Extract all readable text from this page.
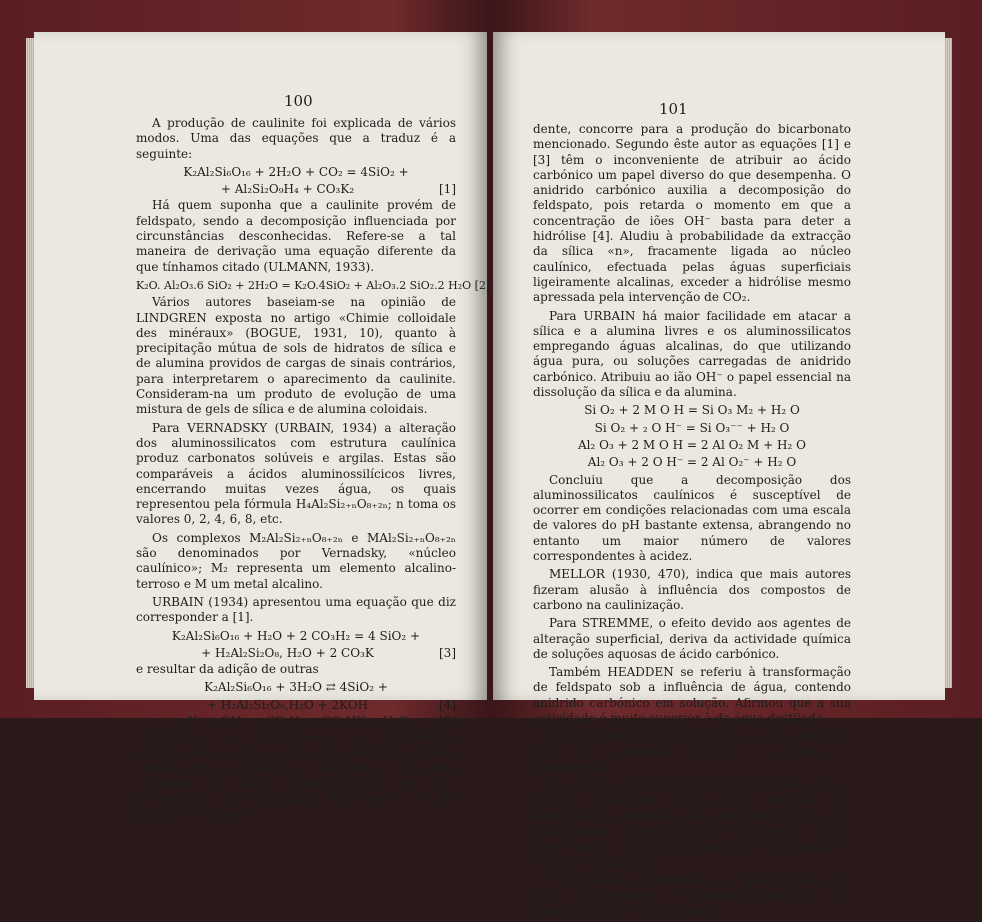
100

A produção de caulinite foi explicada de vários modos. Uma das equações que a traduz é a seguinte:

K₂Al₂Si₆O₁₆ + 2H₂O + CO₂ = 4SiO₂ +
+ Al₂Si₂O₉H₄ + CO₃K₂	[1]

Há quem suponha que a caulinite provém de feldspato, sendo a decomposição influenciada por circunstâncias desconhecidas. Refere-se a tal maneira de derivação uma equação diferente da que tínhamos citado (ULMANN, 1933).

K₂O. Al₂O₃.6 SiO₂ + 2H₂O = K₂O.4SiO₂ + Al₂O₃.2 SiO₂.2 H₂O [2]

Vários autores baseiam-se na opinião de LINDGREN exposta no artigo «Chimie colloidale des minéraux» (BOGUE, 1931, 10), quanto à precipitação mútua de sols de hidratos de sílica e de alumina providos de cargas de sinais contrários, para interpretarem o aparecimento da caulinite. Consideram-na um produto de evolução de uma mistura de gels de sílica e de alumina coloidais.

Para VERNADSKY (URBAIN, 1934) a alteração dos aluminossilicatos com estrutura caulínica produz carbonatos solúveis e argilas. Estas são comparáveis a ácidos aluminossilícicos livres, encerrando muitas vezes água, os quais representou pela fórmula H₄Al₂Si₂₊ₙO₈₊₂ₙ; n toma os valores 0, 2, 4, 6, 8, etc.

Os complexos M₂Al₂Si₂₊ₙO₈₊₂ₙ e MAl₂Si₂₊ₙO₈₊₂ₙ são denominados por Vernadsky, «núcleo caulínico»; M₂ representa um elemento alcalino-terroso e M um metal alcalino.

URBAIN (1934) apresentou uma equação que diz corresponder a [1].

K₂Al₂Si₆O₁₆ + H₂O + 2 CO₃H₂ = 4 SiO₂ +
+ H₂Al₂Si₂O₈, H₂O + 2 CO₃K	[3]

e resultar da adição de outras

K₂Al₂Si₆O₁₆ + 3H₂O ⇄ 4SiO₂ +
+ H₂Al₂Si₂O₈,H₂O + 2KOH	[4]
e	K⁺ + OH⁻ + CO₃H₂ ⇄ CO₃HK + H₂O	[5]

Explicou o aparecimento do bicarbonato mencionado em [5]. A H₂O citada em [4] é água da chuva ácida, saturada de anidrido e de ácido carbónico; os catiões neutralizam os iões OH⁻ provenientes da dissociação das bases e o ião positivo correspon-

101

dente, concorre para a produção do bicarbonato mencionado. Segundo êste autor as equações [1] e [3] têm o inconveniente de atribuir ao ácido carbónico um papel diverso do que desempenha. O anidrido carbónico auxilia a decomposição do feldspato, pois retarda o momento em que a concentração de iões OH⁻ basta para deter a hidrólise [4]. Aludiu à probabilidade da extracção da sílica «n», fracamente ligada ao núcleo caulínico, efectuada pelas águas superficiais ligeiramente alcalinas, exceder a hidrólise mesmo apressada pela intervenção de CO₂.

Para URBAIN há maior facilidade em atacar a sílica e a alumina livres e os aluminossilicatos empregando águas alcalinas, do que utilizando água pura, ou soluções carregadas de anidrido carbónico. Atribuiu ao ião OH⁻ o papel essencial na dissolução da sílica e da alumina.

Si O₂ + 2 M O H = Si O₃ M₂ + H₂ O
Si O₂ + ₂ O H⁻ = Si O₃⁻⁻ + H₂ O
Al₂ O₃ + 2 M O H = 2 Al O₂ M + H₂ O
Al₂ O₃ + 2 O H⁻ = 2 Al O₂⁻ + H₂ O

Concluiu que a decomposição dos aluminossilicatos caulínicos é susceptível de ocorrer em condições relacionadas com uma escala de valores do pH bastante extensa, abrangendo no entanto um maior número de valores correspondentes à acidez.

MELLOR (1930, 470), indica que mais autores fizeram alusão à influência dos compostos de carbono na caulinização.

Para STREMME, o efeito devido aos agentes de alteração superficial, deriva da actividade química de soluções aquosas de ácido carbónico.

Também HEADDEN se referiu à transformação de feldspato sob a influência de água, contendo anidrido carbónico em solução. Afirmou que a sua actividade é muito superior à da água destilada.

Segundo MULLER e STRUVE, a acção exercida pelo CO₂ aumenta quando se submete à compressão.

No entanto WÜST e SMIRNOFF admitem que os efeitos produzidos pelo ácido carbónico na alteração de minerais, são excedidos pelos dos ácidos úmico e crénico. WÜST considera o ácido úmico como o factor importante na caulinização de rochas feldspáticas.

Encontram-se referências à possibilidade da água de drenagem de pântanos, turfeiras e de lignitos intervir na caulinização
